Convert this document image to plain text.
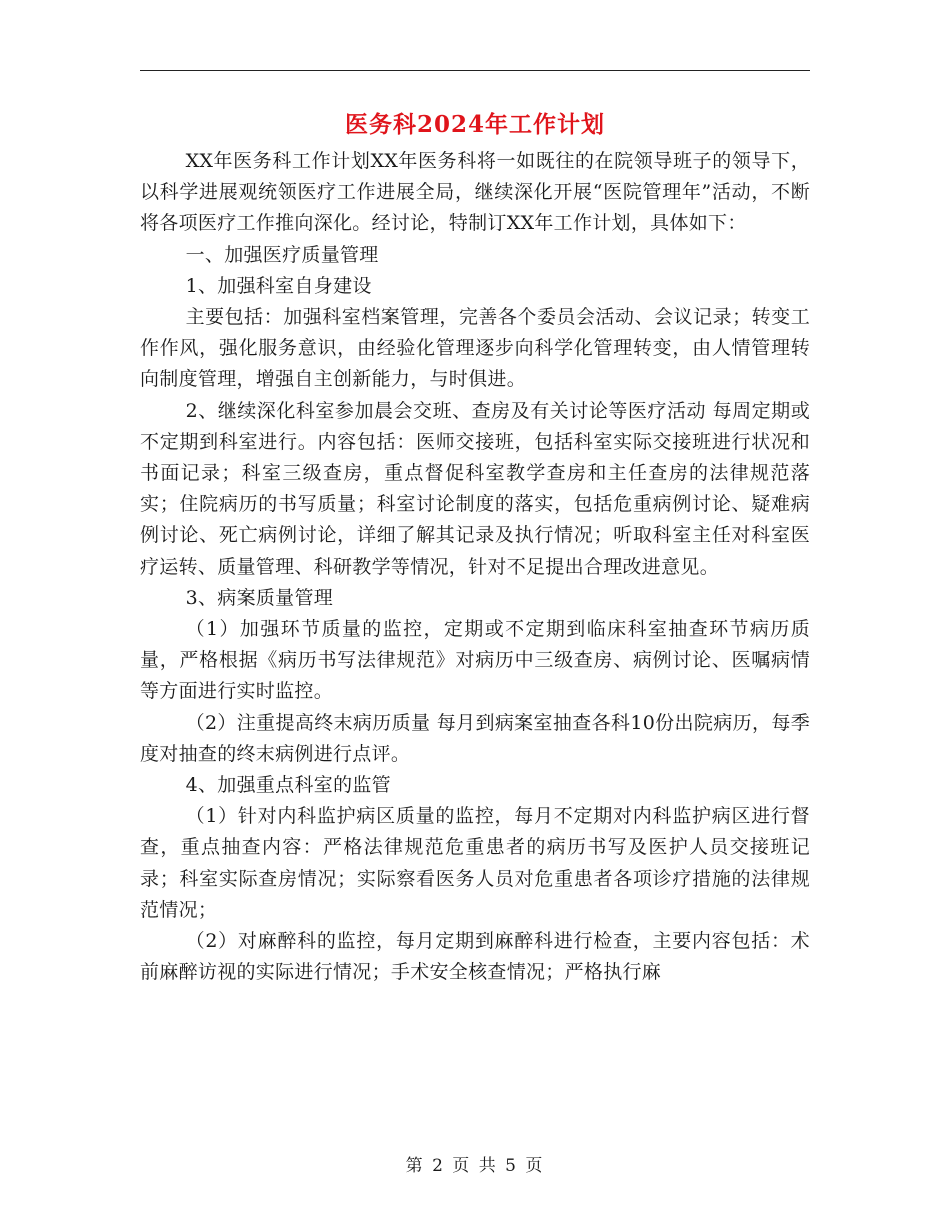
医务科2024年工作计划

XX年医务科工作计划XX年医务科将一如既往的在院领导班子的领导下，以科学进展观统领医疗工作进展全局，继续深化开展“医院管理年”活动，不断将各项医疗工作推向深化。经讨论，特制订XX年工作计划，具体如下：

一、加强医疗质量管理

1、加强科室自身建设

主要包括：加强科室档案管理，完善各个委员会活动、会议记录；转变工作作风，强化服务意识，由经验化管理逐步向科学化管理转变，由人情管理转向制度管理，增强自主创新能力，与时俱进。

2、继续深化科室参加晨会交班、查房及有关讨论等医疗活动 每周定期或不定期到科室进行。内容包括：医师交接班，包括科室实际交接班进行状况和书面记录；科室三级查房，重点督促科室教学查房和主任查房的法律规范落实；住院病历的书写质量；科室讨论制度的落实，包括危重病例讨论、疑难病例讨论、死亡病例讨论，详细了解其记录及执行情况；听取科室主任对科室医疗运转、质量管理、科研教学等情况，针对不足提出合理改进意见。

3、病案质量管理

（1）加强环节质量的监控，定期或不定期到临床科室抽查环节病历质量，严格根据《病历书写法律规范》对病历中三级查房、病例讨论、医嘱病情等方面进行实时监控。

（2）注重提高终末病历质量 每月到病案室抽查各科10份出院病历，每季度对抽查的终末病例进行点评。

4、加强重点科室的监管

（1）针对内科监护病区质量的监控，每月不定期对内科监护病区进行督查，重点抽查内容：严格法律规范危重患者的病历书写及医护人员交接班记录；科室实际查房情况；实际察看医务人员对危重患者各项诊疗措施的法律规范情况；

（2）对麻醉科的监控，每月定期到麻醉科进行检查，主要内容包括：术前麻醉访视的实际进行情况；手术安全核查情况；严格执行麻

第 2 页 共 5 页
